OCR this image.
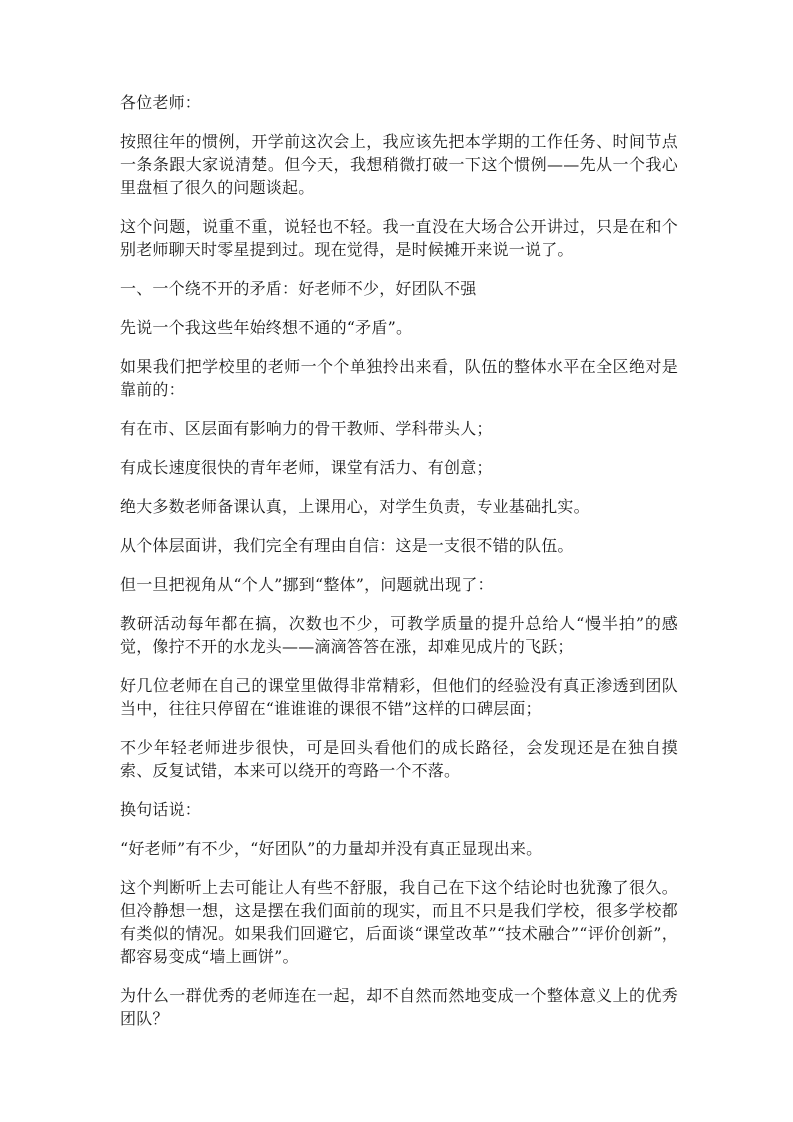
各位老师：

按照往年的惯例，开学前这次会上，我应该先把本学期的工作任务、时间节点一条条跟大家说清楚。但今天，我想稍微打破一下这个惯例——先从一个我心里盘桓了很久的问题谈起。

这个问题，说重不重，说轻也不轻。我一直没在大场合公开讲过，只是在和个别老师聊天时零星提到过。现在觉得，是时候摊开来说一说了。

一、一个绕不开的矛盾：好老师不少，好团队不强

先说一个我这些年始终想不通的“矛盾”。

如果我们把学校里的老师一个个单独拎出来看，队伍的整体水平在全区绝对是靠前的：

有在市、区层面有影响力的骨干教师、学科带头人；

有成长速度很快的青年老师，课堂有活力、有创意；

绝大多数老师备课认真，上课用心，对学生负责，专业基础扎实。

从个体层面讲，我们完全有理由自信：这是一支很不错的队伍。

但一旦把视角从“个人”挪到“整体”，问题就出现了：

教研活动每年都在搞，次数也不少，可教学质量的提升总给人“慢半拍”的感觉，像拧不开的水龙头——滴滴答答在涨，却难见成片的飞跃；

好几位老师在自己的课堂里做得非常精彩，但他们的经验没有真正渗透到团队当中，往往只停留在“谁谁谁的课很不错”这样的口碑层面；

不少年轻老师进步很快，可是回头看他们的成长路径，会发现还是在独自摸索、反复试错，本来可以绕开的弯路一个不落。

换句话说：

“好老师”有不少，“好团队”的力量却并没有真正显现出来。

这个判断听上去可能让人有些不舒服，我自己在下这个结论时也犹豫了很久。但冷静想一想，这是摆在我们面前的现实，而且不只是我们学校，很多学校都有类似的情况。如果我们回避它，后面谈“课堂改革”“技术融合”“评价创新”，都容易变成“墙上画饼”。

为什么一群优秀的老师连在一起，却不自然而然地变成一个整体意义上的优秀团队？
